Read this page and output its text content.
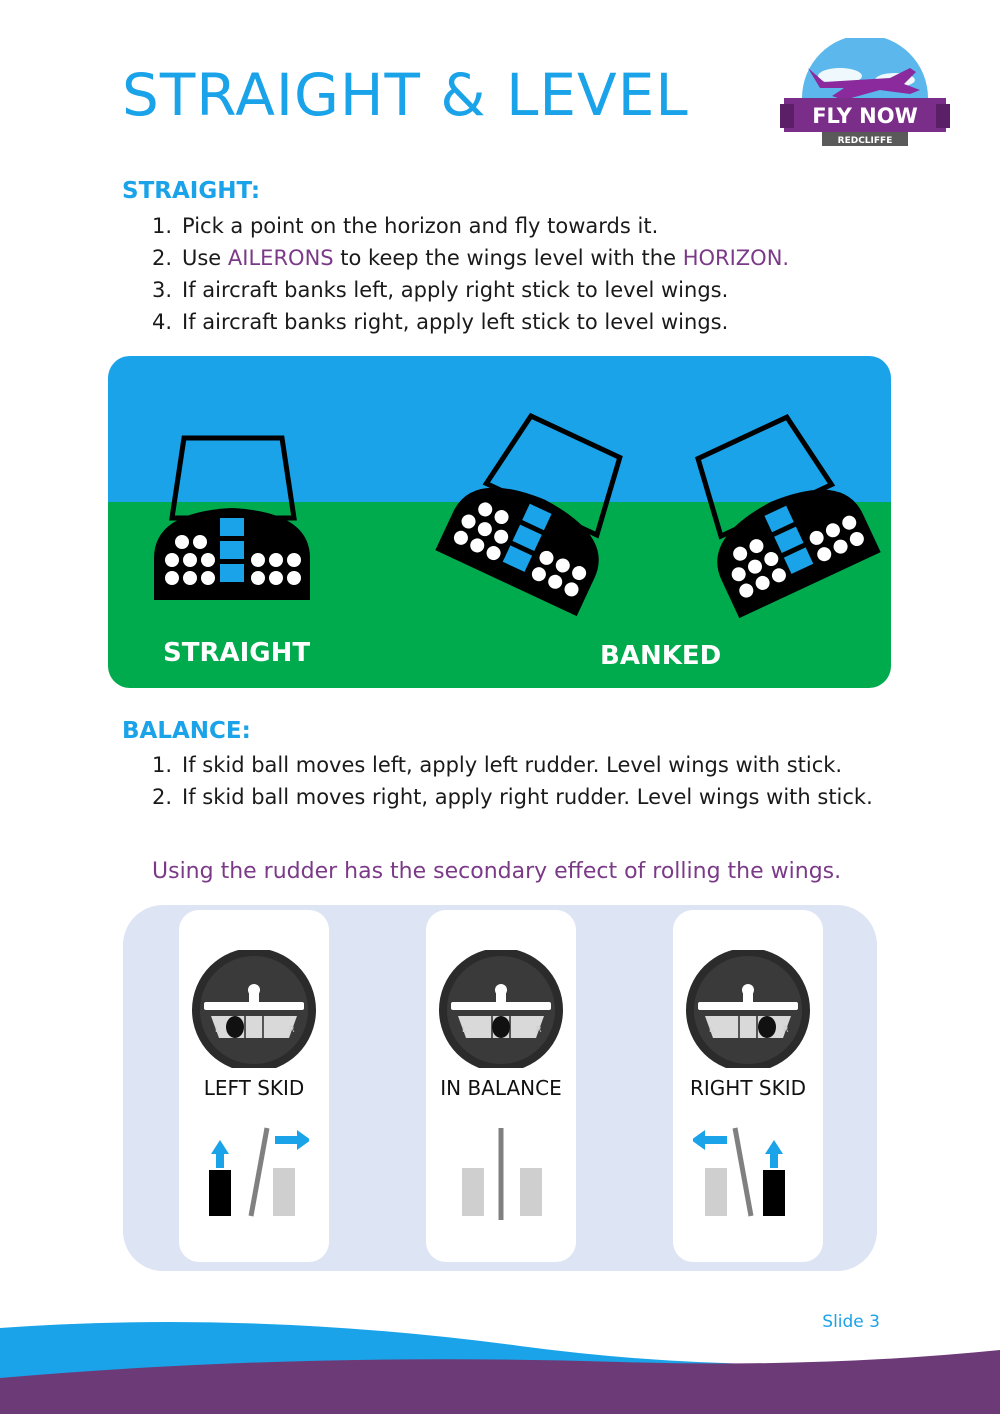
STRAIGHT & LEVEL	FLY NOW
REDCLIFFE
STRAIGHT:
1. Pick a point on the horizon and fly towards it.
2. Use AILERONS to keep the wings level with the HORIZON.
3. If aircraft banks left, apply right stick to level wings.
4. If aircraft banks right, apply left stick to level wings.
STRAIGHT	BANKED
BALANCE:
1. If skid ball moves left, apply left rudder. Level wings with stick.
2. If skid ball moves right, apply right rudder. Level wings with stick.

Using the rudder has the secondary effect of rolling the wings.

L	R
LEFT SKID
L	R
IN BALANCE
L	R
RIGHT SKID
Slide 3
